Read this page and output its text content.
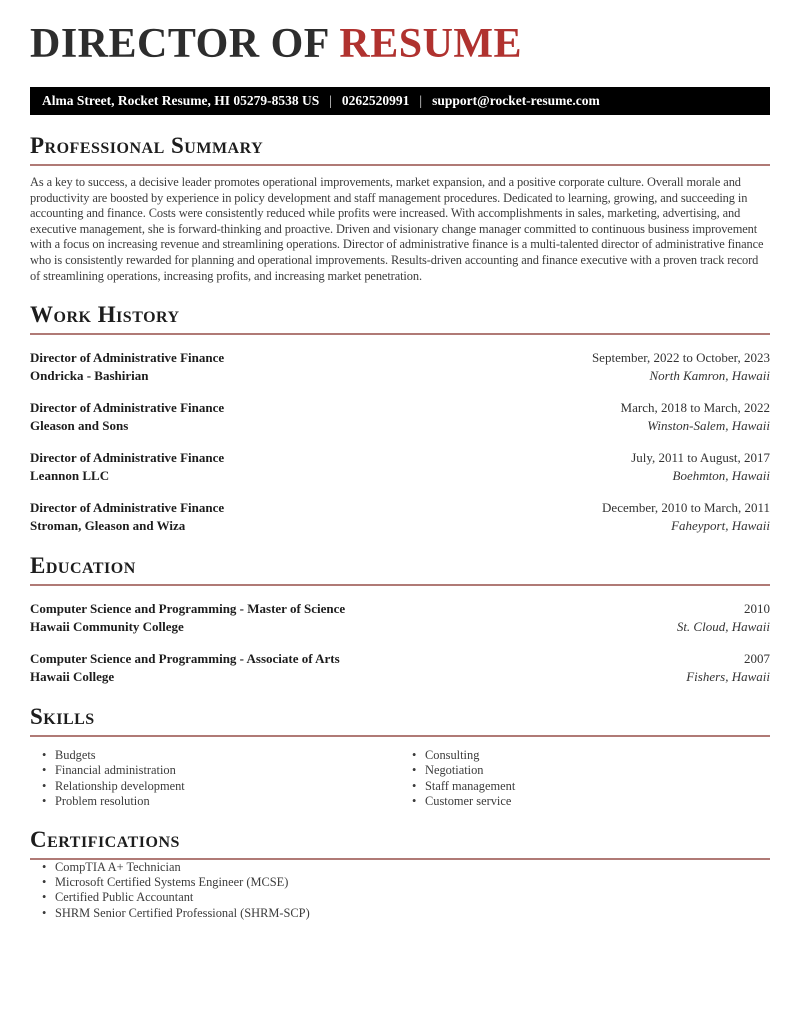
DIRECTOR OF RESUME
Alma Street, Rocket Resume, HI 05279-8538 US | 0262520991 | support@rocket-resume.com
Professional Summary

As a key to success, a decisive leader promotes operational improvements, market expansion, and a positive corporate culture. Overall morale and productivity are boosted by experience in policy development and staff management procedures. Dedicated to learning, growing, and succeeding in accounting and finance. Costs were consistently reduced while profits were increased. With accomplishments in sales, marketing, advertising, and executive management, she is forward-thinking and proactive. Driven and visionary change manager committed to continuous business improvement with a focus on increasing revenue and streamlining operations. Director of administrative finance is a multi-talented director of administrative finance who is consistently rewarded for planning and operational improvements. Results-driven accounting and finance executive with a proven track record of streamlining operations, increasing profits, and increasing market penetration.

Work History
Director of Administrative Finance	September, 2022 to October, 2023
Ondricka - Bashirian	North Kamron, Hawaii
Director of Administrative Finance	March, 2018 to March, 2022
Gleason and Sons	Winston-Salem, Hawaii
Director of Administrative Finance	July, 2011 to August, 2017
Leannon LLC	Boehmton, Hawaii
Director of Administrative Finance	December, 2010 to March, 2011
Stroman, Gleason and Wiza	Faheyport, Hawaii
Education
Computer Science and Programming - Master of Science	2010
Hawaii Community College	St. Cloud, Hawaii
Computer Science and Programming - Associate of Arts	2007
Hawaii College	Fishers, Hawaii
Skills
• Budgets
• Financial administration
• Relationship development
• Problem resolution
• Consulting
• Negotiation
• Staff management
• Customer service
Certifications
• CompTIA A+ Technician
• Microsoft Certified Systems Engineer (MCSE)
• Certified Public Accountant
• SHRM Senior Certified Professional (SHRM-SCP)
